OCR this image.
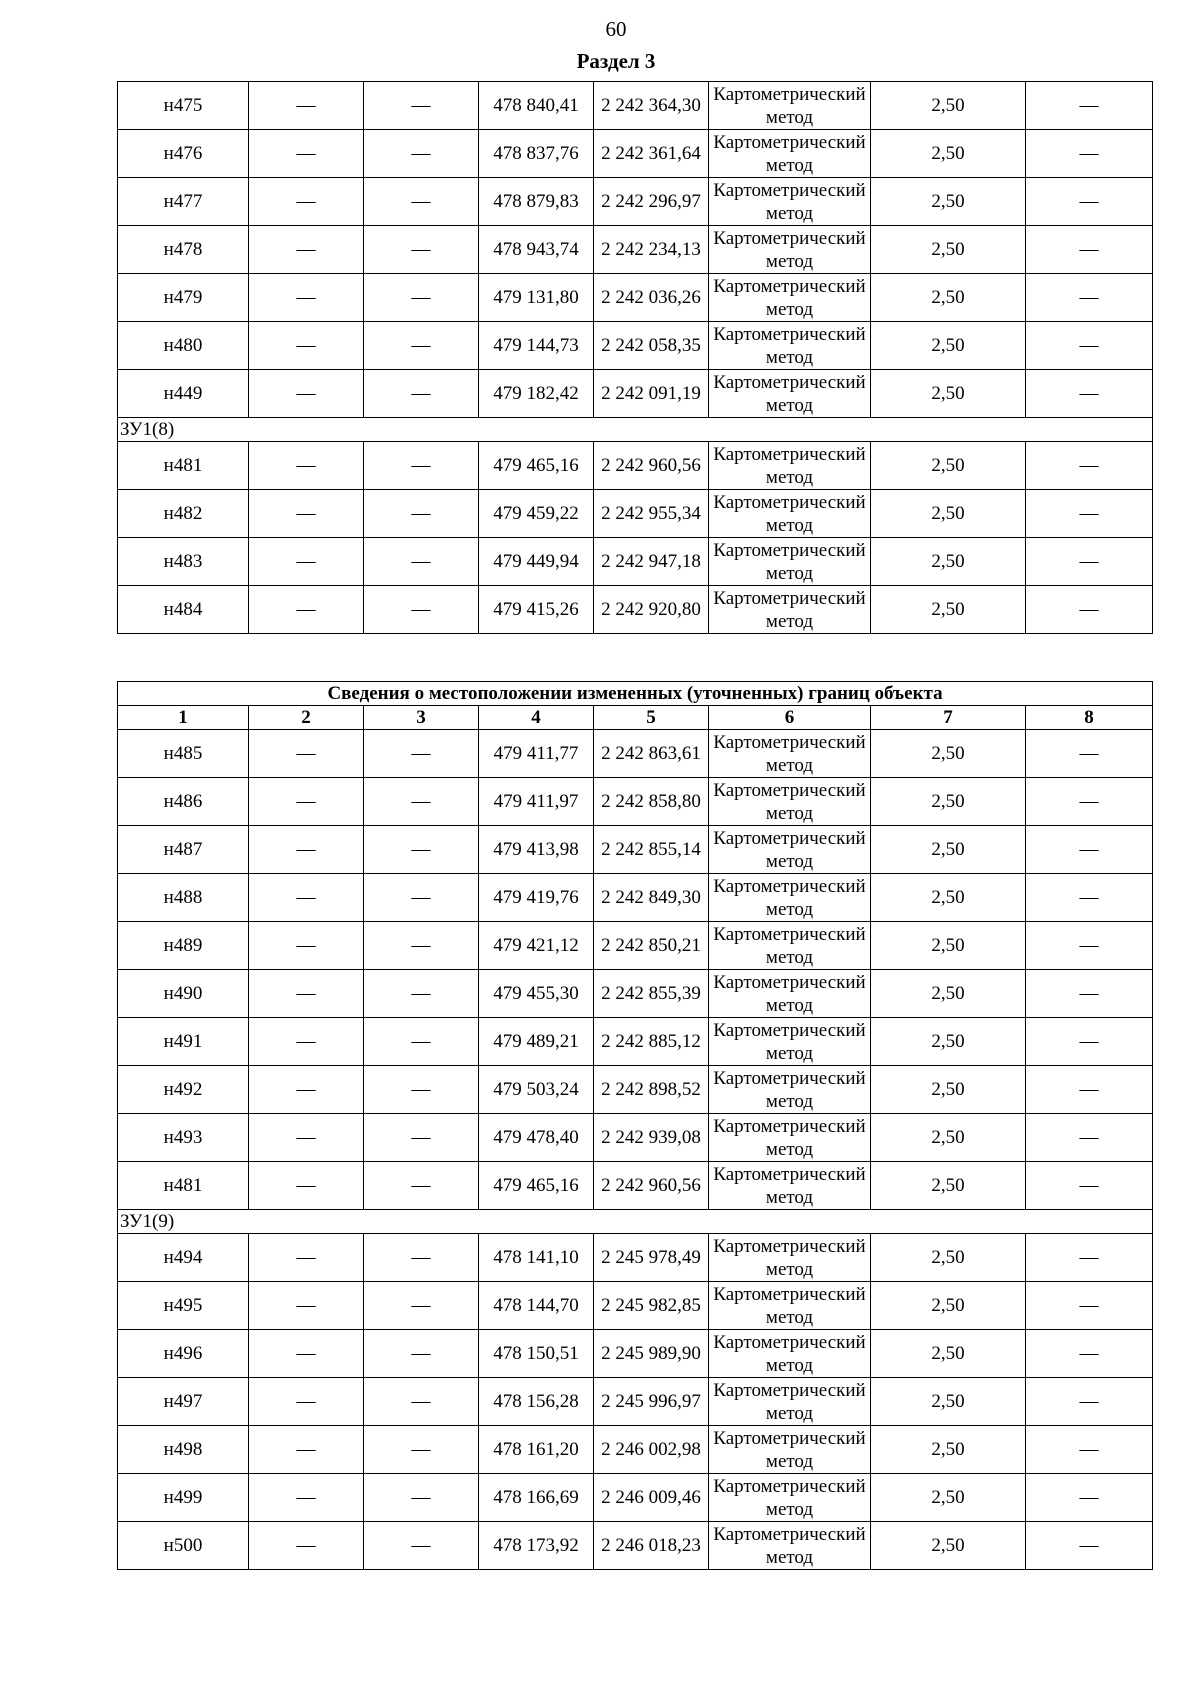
60
Раздел 3
н475	—	—	478 840,41	2 242 364,30	Картометрический метод	2,50	—
н476	—	—	478 837,76	2 242 361,64	Картометрический метод	2,50	—
н477	—	—	478 879,83	2 242 296,97	Картометрический метод	2,50	—
н478	—	—	478 943,74	2 242 234,13	Картометрический метод	2,50	—
н479	—	—	479 131,80	2 242 036,26	Картометрический метод	2,50	—
н480	—	—	479 144,73	2 242 058,35	Картометрический метод	2,50	—
н449	—	—	479 182,42	2 242 091,19	Картометрический метод	2,50	—
ЗУ1(8)							
н481	—	—	479 465,16	2 242 960,56	Картометрический метод	2,50	—
н482	—	—	479 459,22	2 242 955,34	Картометрический метод	2,50	—
н483	—	—	479 449,94	2 242 947,18	Картометрический метод	2,50	—
н484	—	—	479 415,26	2 242 920,80	Картометрический метод	2,50	—
Сведения о местоположении измененных (уточненных) границ объекта							
1	2	3	4	5	6	7	8
н485	—	—	479 411,77	2 242 863,61	Картометрический метод	2,50	—
н486	—	—	479 411,97	2 242 858,80	Картометрический метод	2,50	—
н487	—	—	479 413,98	2 242 855,14	Картометрический метод	2,50	—
н488	—	—	479 419,76	2 242 849,30	Картометрический метод	2,50	—
н489	—	—	479 421,12	2 242 850,21	Картометрический метод	2,50	—
н490	—	—	479 455,30	2 242 855,39	Картометрический метод	2,50	—
н491	—	—	479 489,21	2 242 885,12	Картометрический метод	2,50	—
н492	—	—	479 503,24	2 242 898,52	Картометрический метод	2,50	—
н493	—	—	479 478,40	2 242 939,08	Картометрический метод	2,50	—
н481	—	—	479 465,16	2 242 960,56	Картометрический метод	2,50	—
ЗУ1(9)							
н494	—	—	478 141,10	2 245 978,49	Картометрический метод	2,50	—
н495	—	—	478 144,70	2 245 982,85	Картометрический метод	2,50	—
н496	—	—	478 150,51	2 245 989,90	Картометрический метод	2,50	—
н497	—	—	478 156,28	2 245 996,97	Картометрический метод	2,50	—
н498	—	—	478 161,20	2 246 002,98	Картометрический метод	2,50	—
н499	—	—	478 166,69	2 246 009,46	Картометрический метод	2,50	—
н500	—	—	478 173,92	2 246 018,23	Картометрический метод	2,50	—
